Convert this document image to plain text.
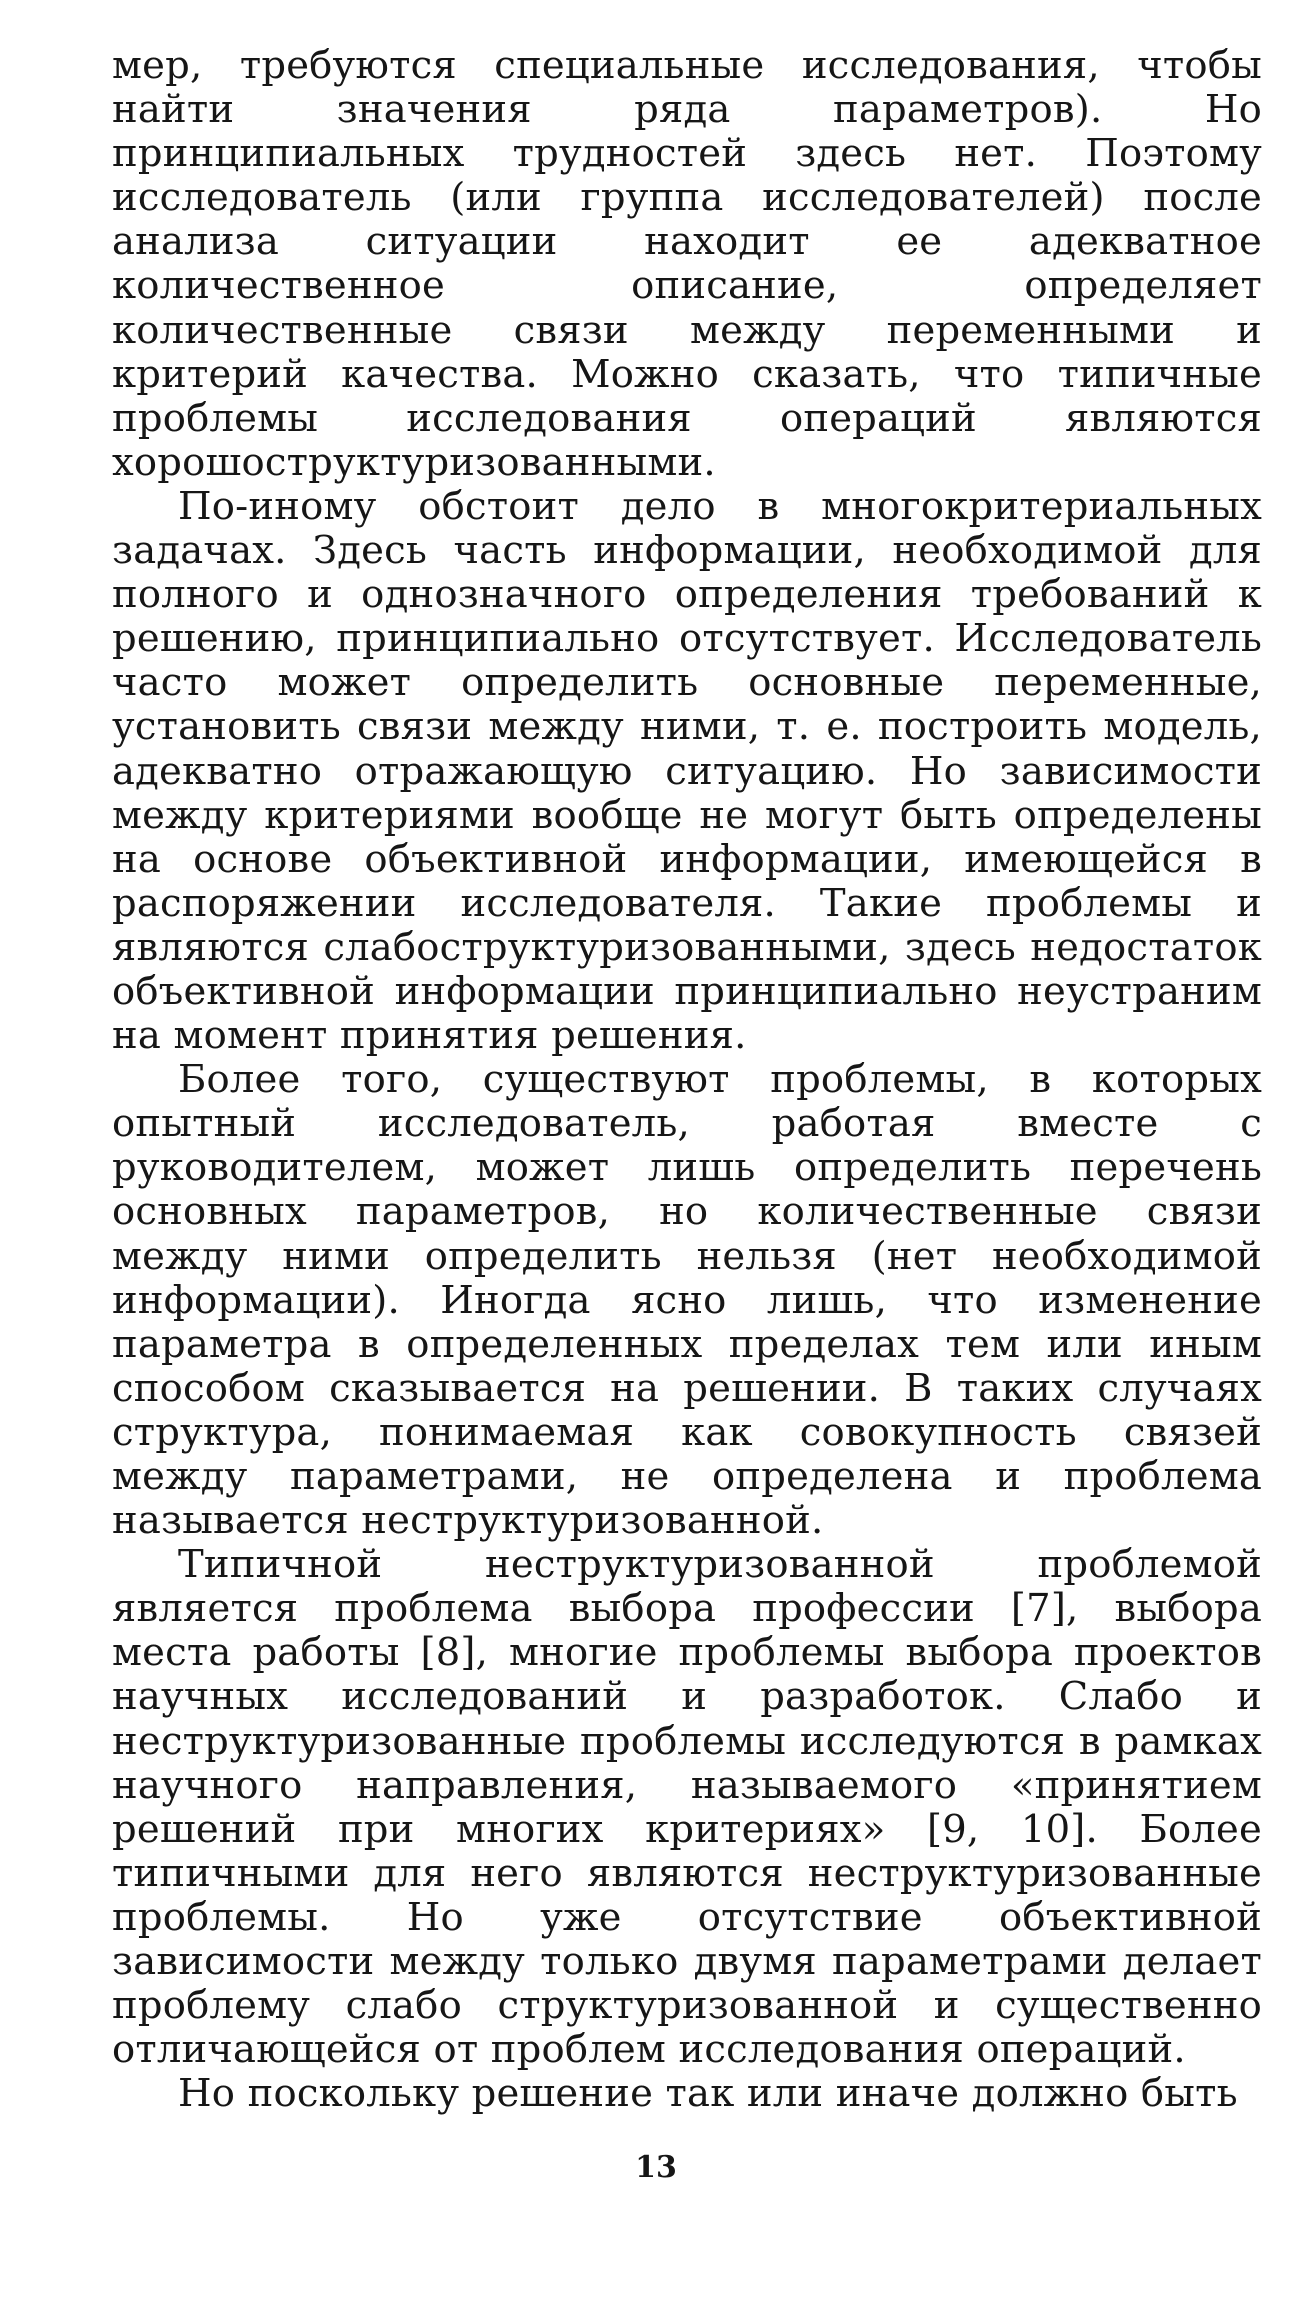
мер, требуются специальные исследования, чтобы найти значения ряда параметров). Но принципиальных трудностей здесь нет. Поэтому исследователь (или группа исследователей) после анализа ситуации находит ее адекватное количественное описание, определяет количественные связи между переменными и критерий качества. Можно сказать, что типичные проблемы исследования операций являются хорошоструктуризованными.

По-иному обстоит дело в многокритериальных задачах. Здесь часть информации, необходимой для полного и однозначного определения требований к решению, принципиально отсутствует. Исследователь часто может определить основные переменные, установить связи между ними, т. е. построить модель, адекватно отражающую ситуацию. Но зависимости между критериями вообще не могут быть определены на основе объективной информации, имеющейся в распоряжении исследователя. Такие проблемы и являются слабоструктуризованными, здесь недостаток объективной информации принципиально неустраним на момент принятия решения.

Более того, существуют проблемы, в которых опытный исследователь, работая вместе с руководителем, может лишь определить перечень основных параметров, но количественные связи между ними определить нельзя (нет необходимой информации). Иногда ясно лишь, что изменение параметра в определенных пределах тем или иным способом сказывается на решении. В таких случаях структура, понимаемая как совокупность связей между параметрами, не определена и проблема называется неструктуризованной.

Типичной неструктуризованной проблемой является проблема выбора профессии [7], выбора места работы [8], многие проблемы выбора проектов научных исследований и разработок. Слабо и неструктуризованные проблемы исследуются в рамках научного направления, называемого «принятием решений при многих критериях» [9, 10]. Более типичными для него являются неструктуризованные проблемы. Но уже отсутствие объективной зависимости между только двумя параметрами делает проблему слабо структуризованной и существенно отличающейся от проблем исследования операций.

Но поскольку решение так или иначе должно быть

13
